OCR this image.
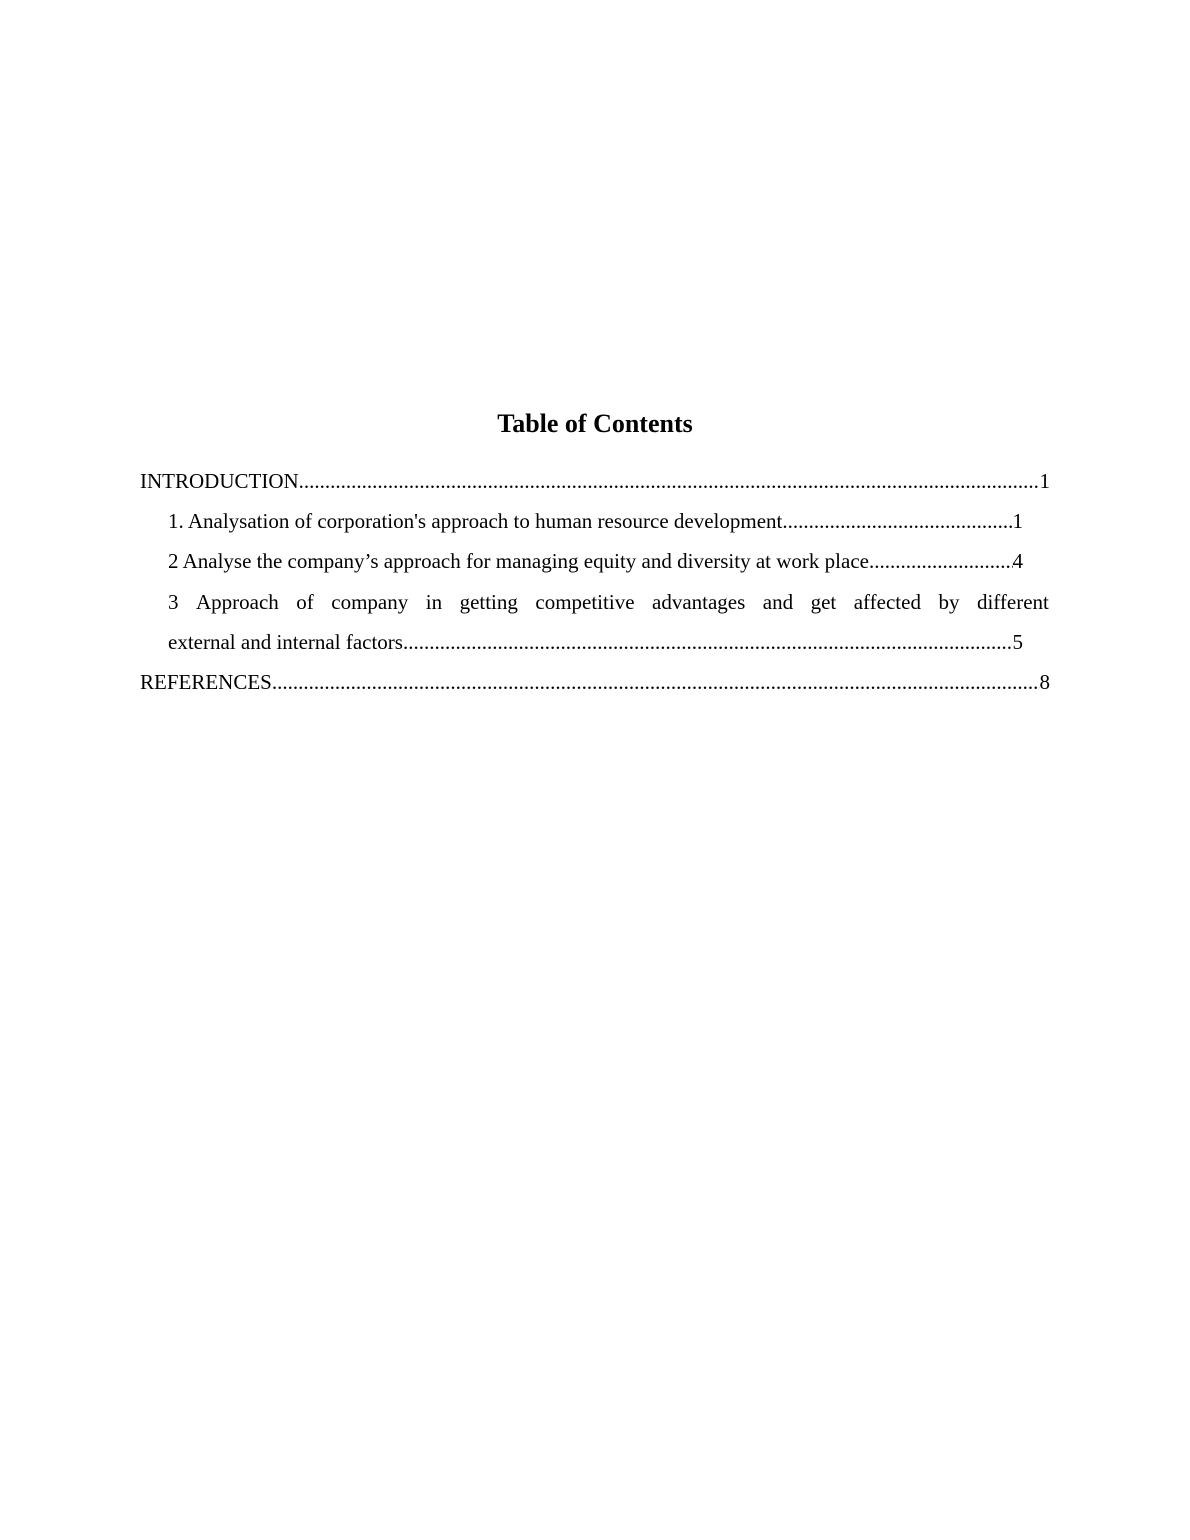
Table of Contents
INTRODUCTION .....	1
1. Analysation of corporation's approach to human resource development .....	1
2 Analyse the company’s approach for managing equity and diversity at work place .....	4
3 Approach of company in getting competitive advantages and get affected by different
external and internal factors .....	5
REFERENCES .....	8
